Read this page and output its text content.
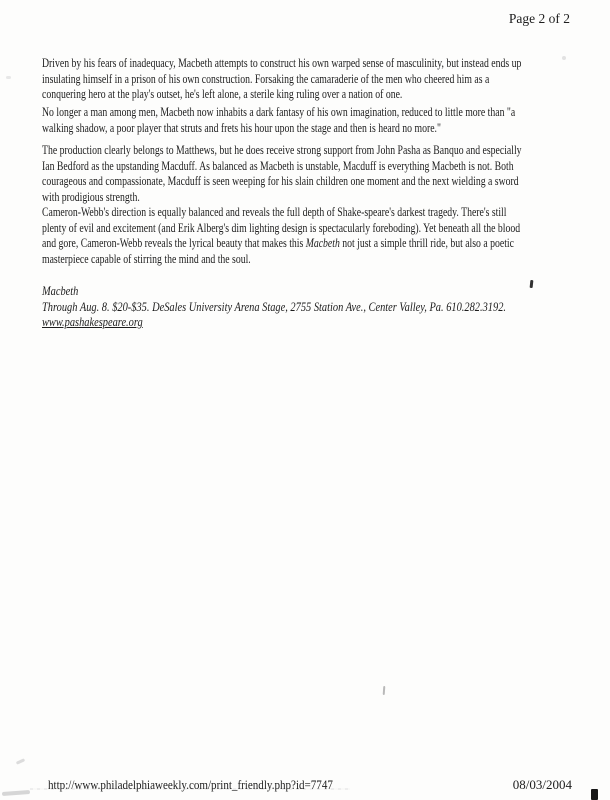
Page 2 of 2
Driven by his fears of inadequacy, Macbeth attempts to construct his own warped sense of masculinity, but instead ends up
insulating himself in a prison of his own construction. Forsaking the camaraderie of the men who cheered him as a
conquering hero at the play's outset, he's left alone, a sterile king ruling over a nation of one.
No longer a man among men, Macbeth now inhabits a dark fantasy of his own imagination, reduced to little more than "a
walking shadow, a poor player that struts and frets his hour upon the stage and then is heard no more."
The production clearly belongs to Matthews, but he does receive strong support from John Pasha as Banquo and especially
Ian Bedford as the upstanding Macduff. As balanced as Macbeth is unstable, Macduff is everything Macbeth is not. Both
courageous and compassionate, Macduff is seen weeping for his slain children one moment and the next wielding a sword
with prodigious strength.
Cameron-Webb's direction is equally balanced and reveals the full depth of Shake-speare's darkest tragedy. There's still
plenty of evil and excitement (and Erik Alberg's dim lighting design is spectacularly foreboding). Yet beneath all the blood
and gore, Cameron-Webb reveals the lyrical beauty that makes this Macbeth not just a simple thrill ride, but also a poetic
masterpiece capable of stirring the mind and the soul.
Macbeth
Through Aug. 8. $20-$35. DeSales University Arena Stage, 2755 Station Ave., Center Valley, Pa. 610.282.3192.
www.pashakespeare.org
http://www.philadelphiaweekly.com/print_friendly.php?id=7747	08/03/2004
